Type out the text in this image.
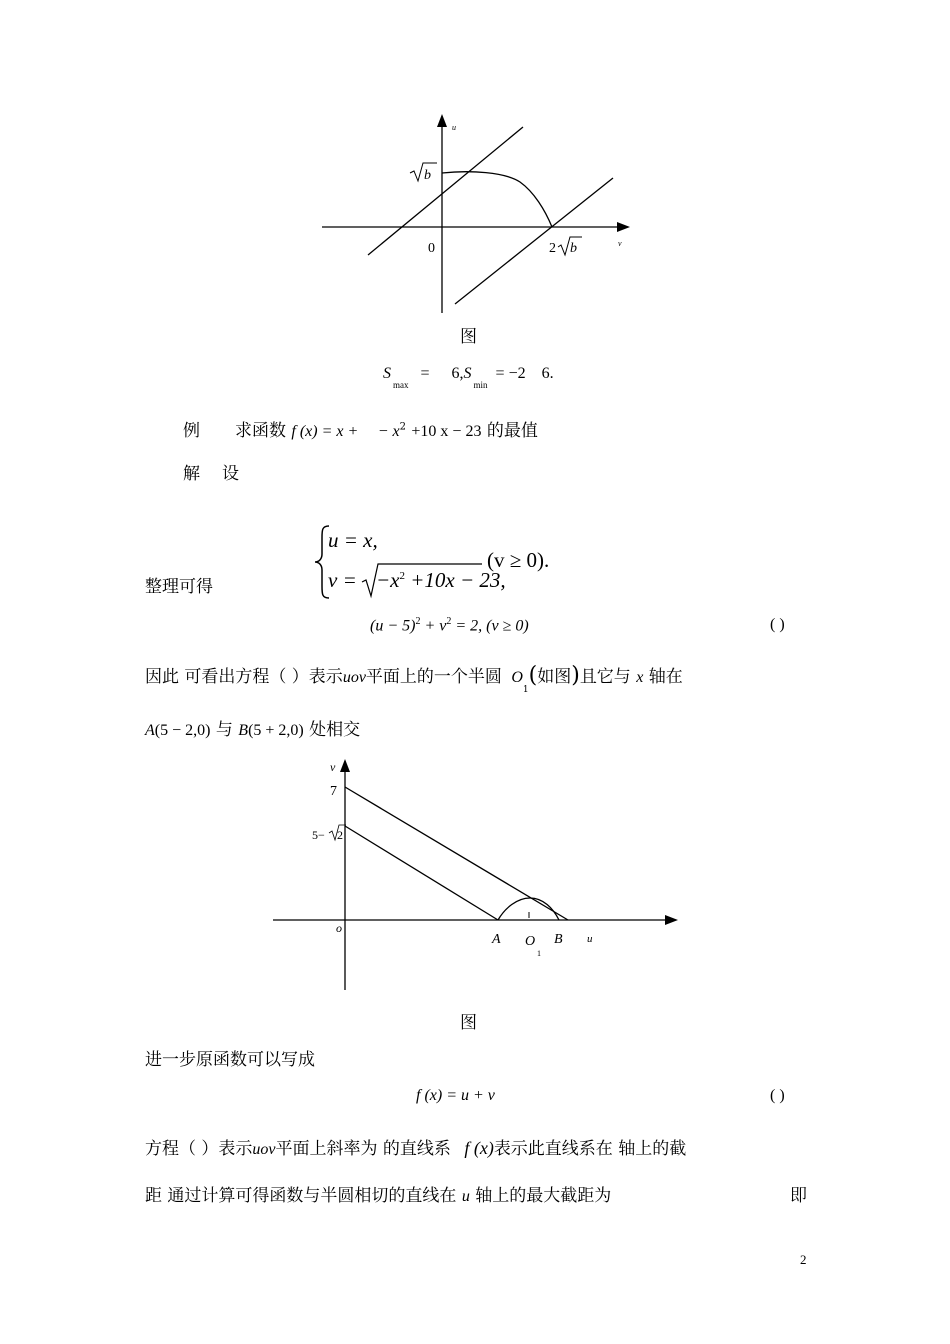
u
v
0
b
2 b
图
$S_{max} = 6,S_{min} = -2$ 6.
例 求函数 f (x) = x + − $x^2 +10$ x − 23 的最值
解 设
整理可得
u = x,
$v = -x^2 +10x - 23$,
(v ≥ 0).
$(u - 5)^2 + v^2 = 2$, (v ≥ 0)	( )
因此 可看出方程（ ）表示uov平面上的一个半圆 $O_1$(如图)且它与 x 轴在
A(5 − 2,0) 与 B(5 + 2,0) 处相交
v
7
5− 2
o
A O
1
B u
图
进一步原函数可以写成
f (x) = u + v	( )
方程（ ）表示uov平面上斜率为 的直线系 f (x)表示此直线系在 轴上的截
距 通过计算可得函数与半圆相切的直线在 u 轴上的最大截距为	即
2
